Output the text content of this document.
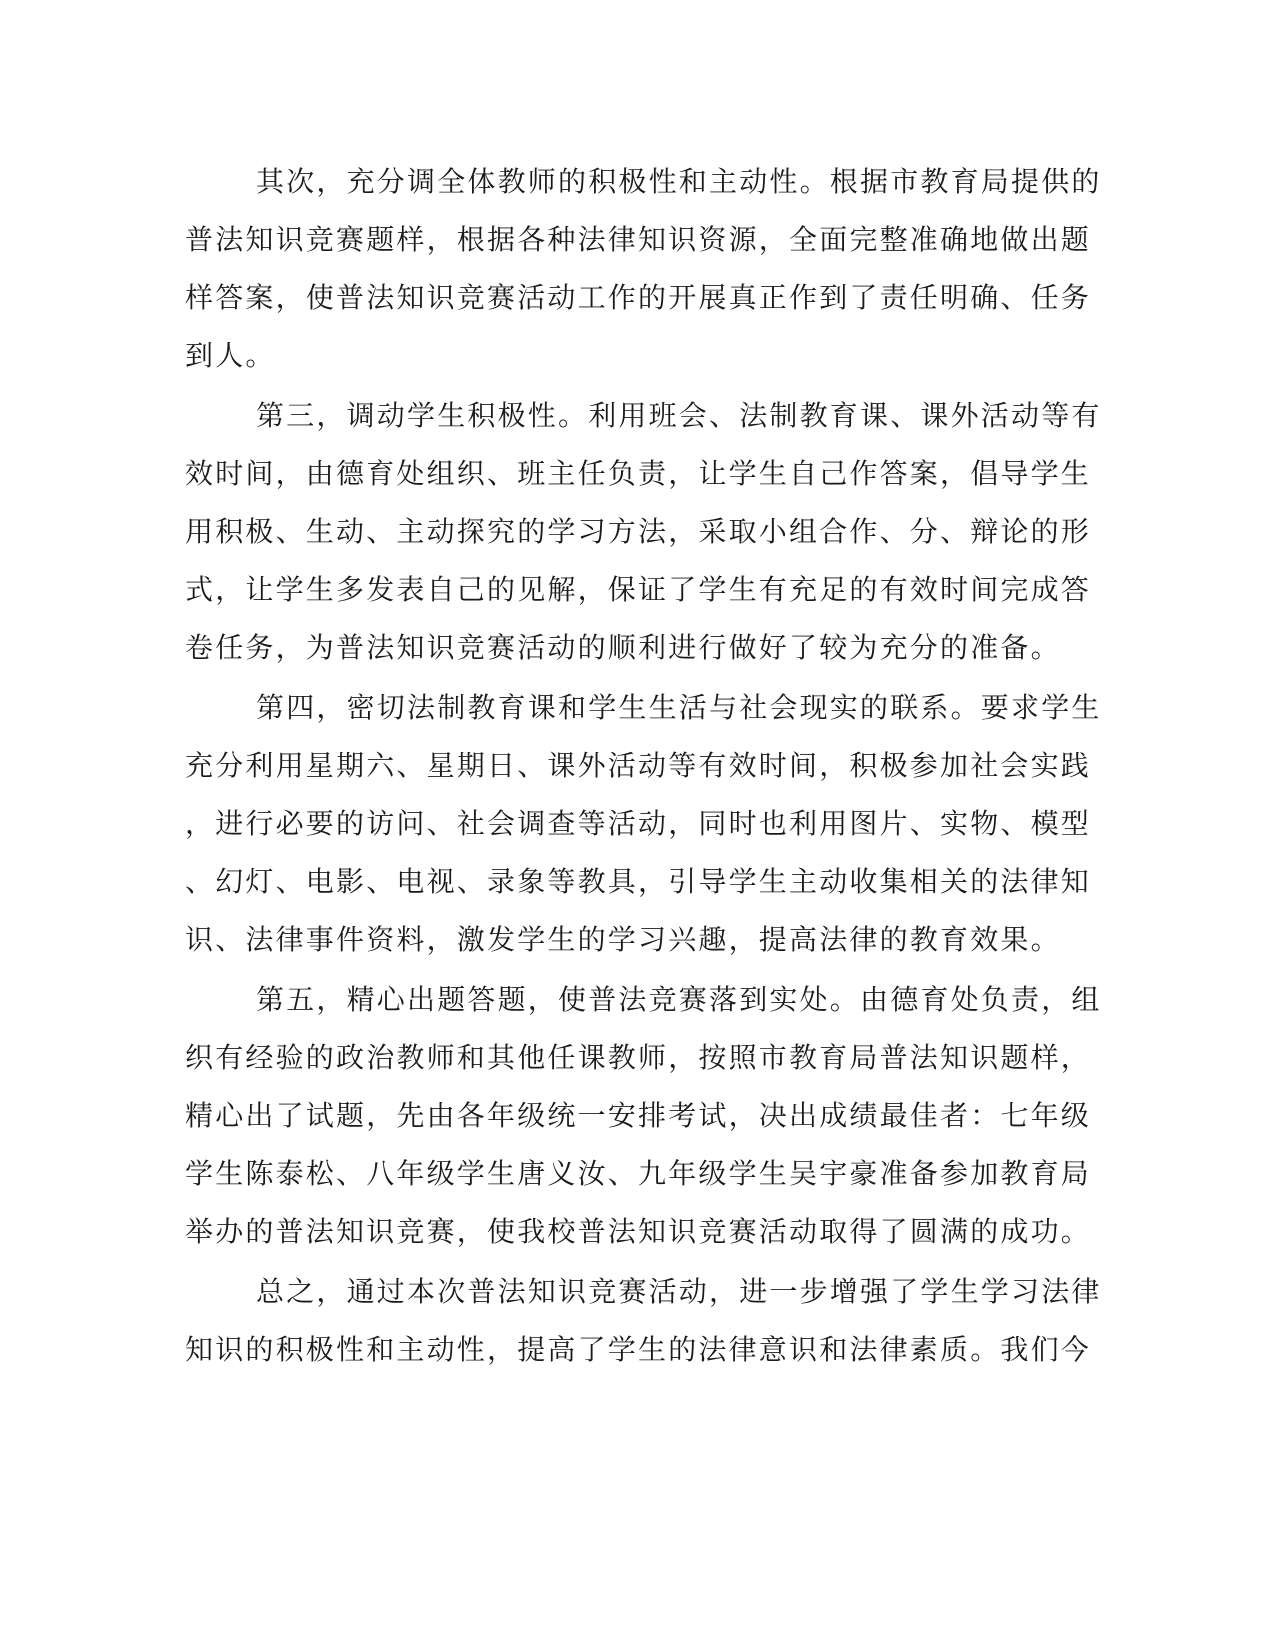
其次，充分调全体教师的积极性和主动性。根据市教育局提供的
普法知识竞赛题样，根据各种法律知识资源，全面完整准确地做出题
样答案，使普法知识竞赛活动工作的开展真正作到了责任明确、任务
到人。
第三，调动学生积极性。利用班会、法制教育课、课外活动等有
效时间，由德育处组织、班主任负责，让学生自己作答案，倡导学生
用积极、生动、主动探究的学习方法，采取小组合作、分、辩论的形
式，让学生多发表自己的见解，保证了学生有充足的有效时间完成答
卷任务，为普法知识竞赛活动的顺利进行做好了较为充分的准备。
第四，密切法制教育课和学生生活与社会现实的联系。要求学生
充分利用星期六、星期日、课外活动等有效时间，积极参加社会实践
，进行必要的访问、社会调查等活动，同时也利用图片、实物、模型
、幻灯、电影、电视、录象等教具，引导学生主动收集相关的法律知
识、法律事件资料，激发学生的学习兴趣，提高法律的教育效果。
第五，精心出题答题，使普法竞赛落到实处。由德育处负责，组
织有经验的政治教师和其他任课教师，按照市教育局普法知识题样，
精心出了试题，先由各年级统一安排考试，决出成绩最佳者：七年级
学生陈泰松、八年级学生唐义汝、九年级学生吴宇豪准备参加教育局
举办的普法知识竞赛，使我校普法知识竞赛活动取得了圆满的成功。
总之，通过本次普法知识竞赛活动，进一步增强了学生学习法律
知识的积极性和主动性，提高了学生的法律意识和法律素质。我们今
